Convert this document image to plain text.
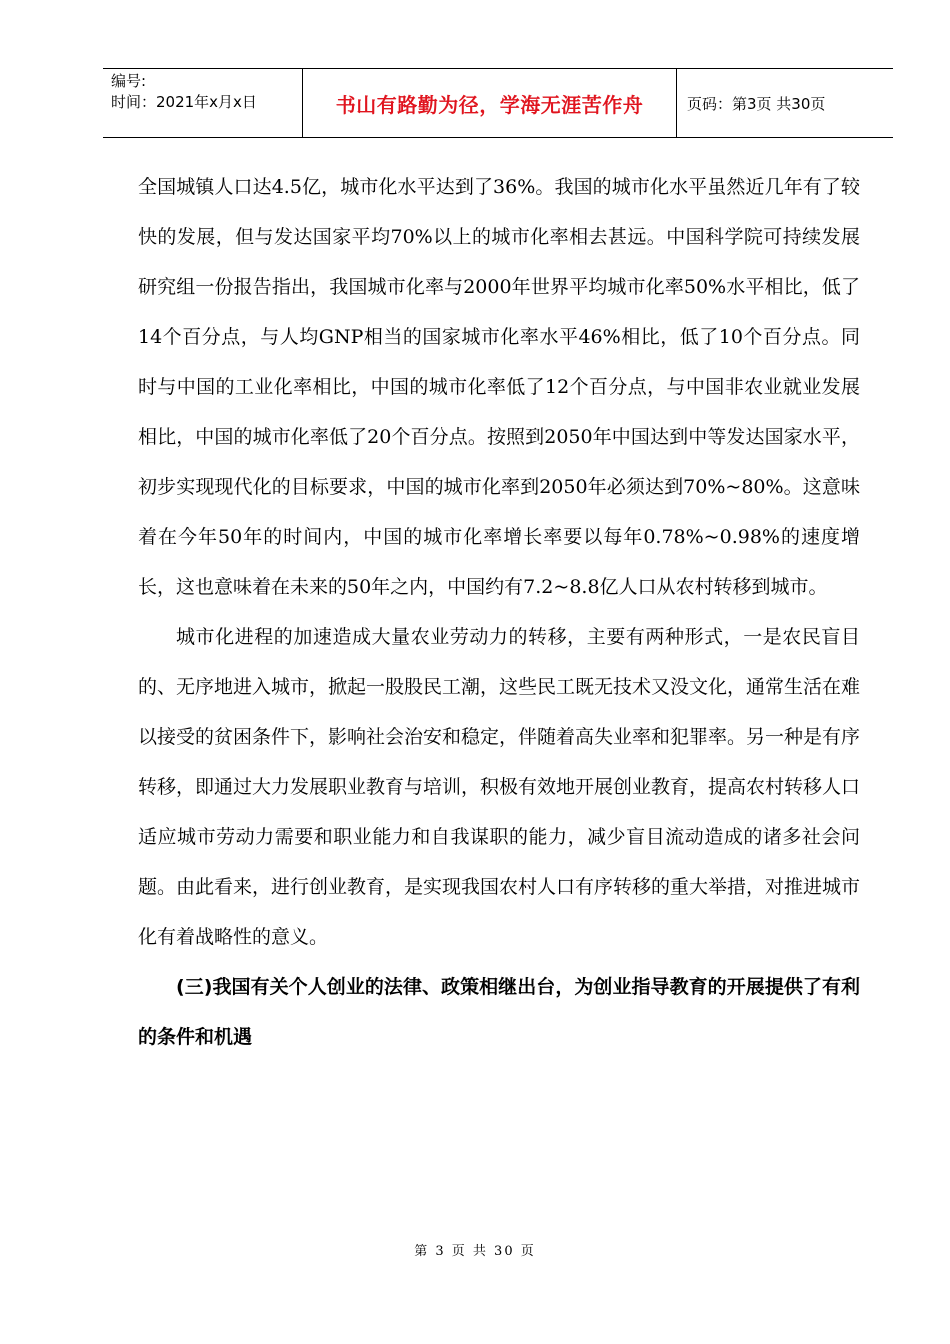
编号:
时间：2021年x月x日	书山有路勤为径，学海无涯苦作舟	页码：第3页 共30页

全国城镇人口达4.5亿，城市化水平达到了36%。我国的城市化水平虽然近几年有了较快的发展，但与发达国家平均70%以上的城市化率相去甚远。中国科学院可持续发展研究组一份报告指出，我国城市化率与2000年世界平均城市化率50%水平相比，低了14个百分点，与人均GNP相当的国家城市化率水平46%相比，低了10个百分点。同时与中国的工业化率相比，中国的城市化率低了12个百分点，与中国非农业就业发展相比，中国的城市化率低了20个百分点。按照到2050年中国达到中等发达国家水平，初步实现现代化的目标要求，中国的城市化率到2050年必须达到70%~80%。这意味着在今年50年的时间内，中国的城市化率增长率要以每年0.78%~0.98%的速度增长，这也意味着在未来的50年之内，中国约有7.2~8.8亿人口从农村转移到城市。

城市化进程的加速造成大量农业劳动力的转移，主要有两种形式，一是农民盲目的、无序地进入城市，掀起一股股民工潮，这些民工既无技术又没文化，通常生活在难以接受的贫困条件下，影响社会治安和稳定，伴随着高失业率和犯罪率。另一种是有序转移，即通过大力发展职业教育与培训，积极有效地开展创业教育，提高农村转移人口适应城市劳动力需要和职业能力和自我谋职的能力，减少盲目流动造成的诸多社会问题。由此看来，进行创业教育，是实现我国农村人口有序转移的重大举措，对推进城市化有着战略性的意义。

(三)我国有关个人创业的法律、政策相继出台，为创业指导教育的开展提供了有利的条件和机遇

第 3 页 共 30 页
